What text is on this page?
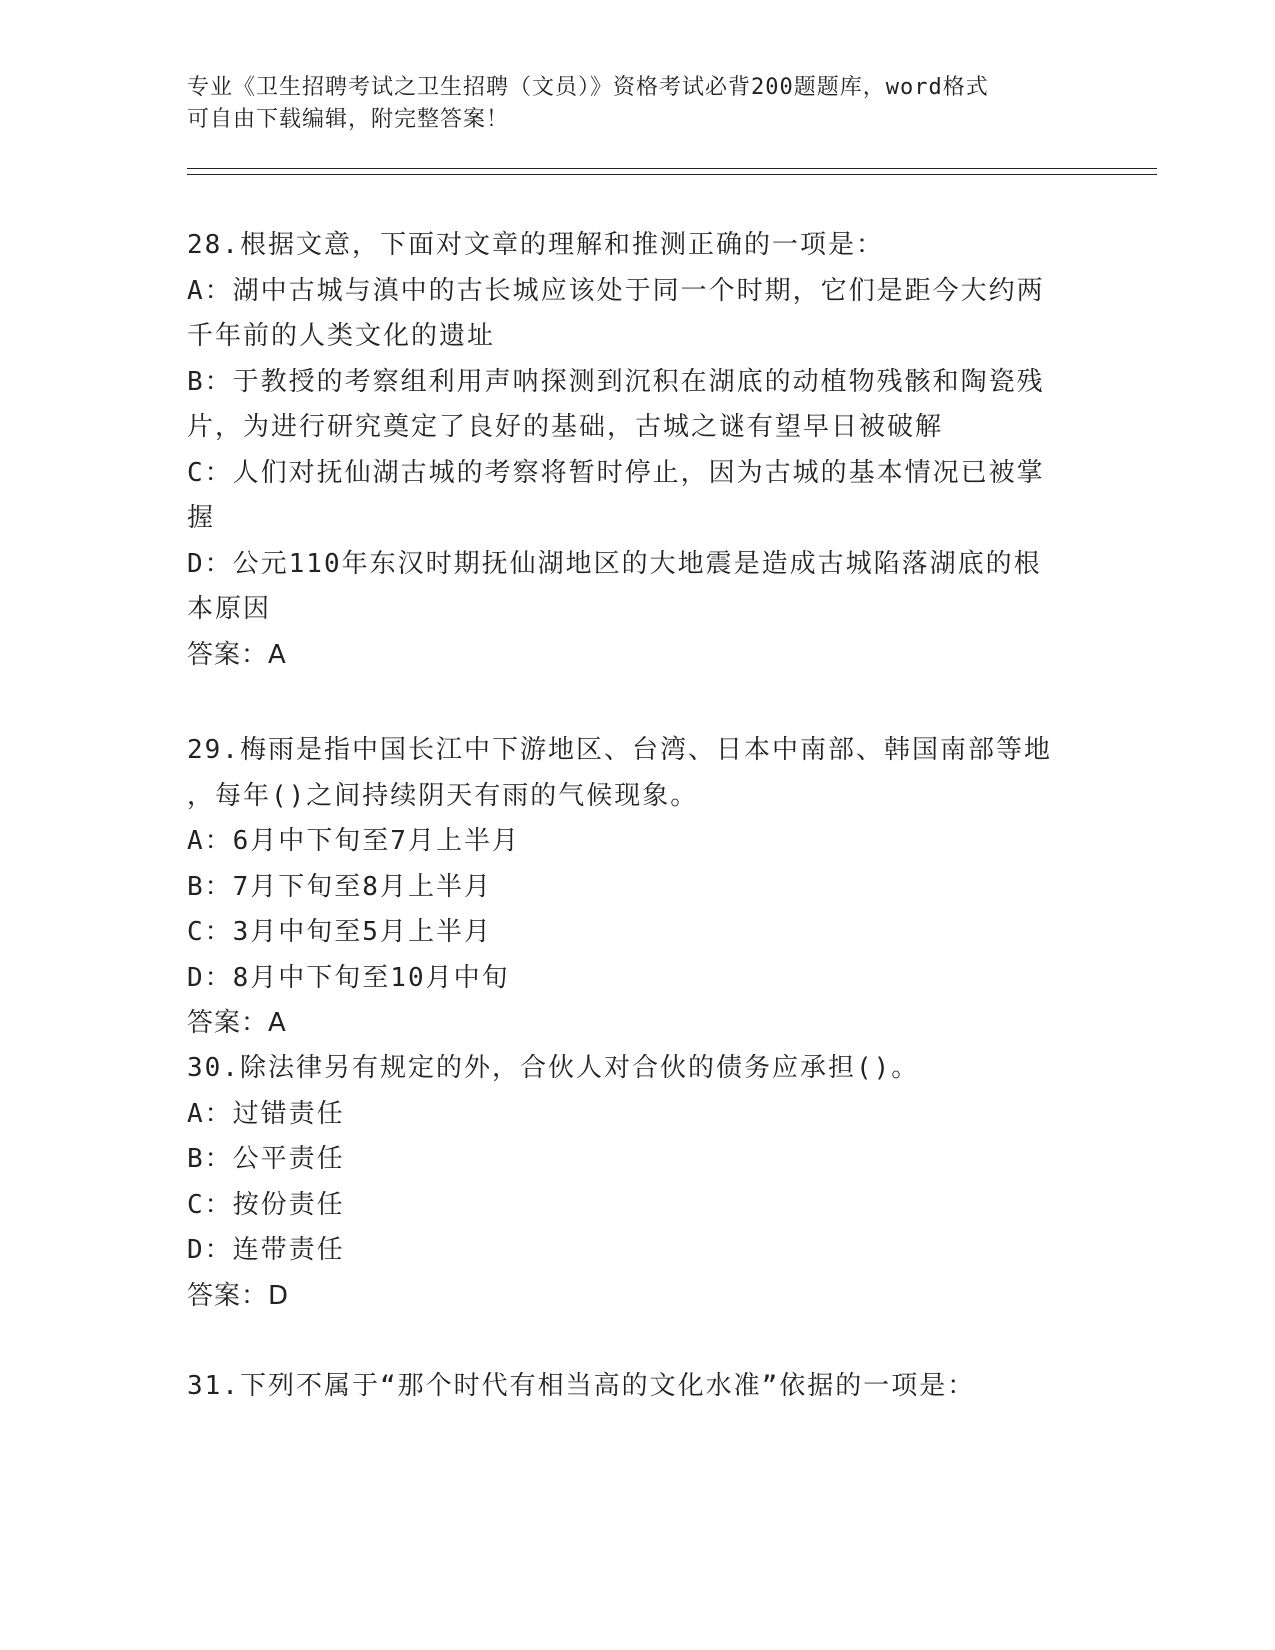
专业《卫生招聘考试之卫生招聘（文员）》资格考试必背200题题库，word格式
可自由下载编辑，附完整答案！
28.根据文意，下面对文章的理解和推测正确的一项是：
A：湖中古城与滇中的古长城应该处于同一个时期，它们是距今大约两
千年前的人类文化的遗址
B：于教授的考察组利用声呐探测到沉积在湖底的动植物残骸和陶瓷残
片，为进行研究奠定了良好的基础，古城之谜有望早日被破解
C：人们对抚仙湖古城的考察将暂时停止，因为古城的基本情况已被掌
握
D：公元110年东汉时期抚仙湖地区的大地震是造成古城陷落湖底的根
本原因
答案：A
29.梅雨是指中国长江中下游地区、台湾、日本中南部、韩国南部等地
，每年()之间持续阴天有雨的气候现象。
A：6月中下旬至7月上半月
B：7月下旬至8月上半月
C：3月中旬至5月上半月
D：8月中下旬至10月中旬
答案：A
30.除法律另有规定的外，合伙人对合伙的债务应承担()。
A：过错责任
B：公平责任
C：按份责任
D：连带责任
答案：D
31.下列不属于“那个时代有相当高的文化水准”依据的一项是：
